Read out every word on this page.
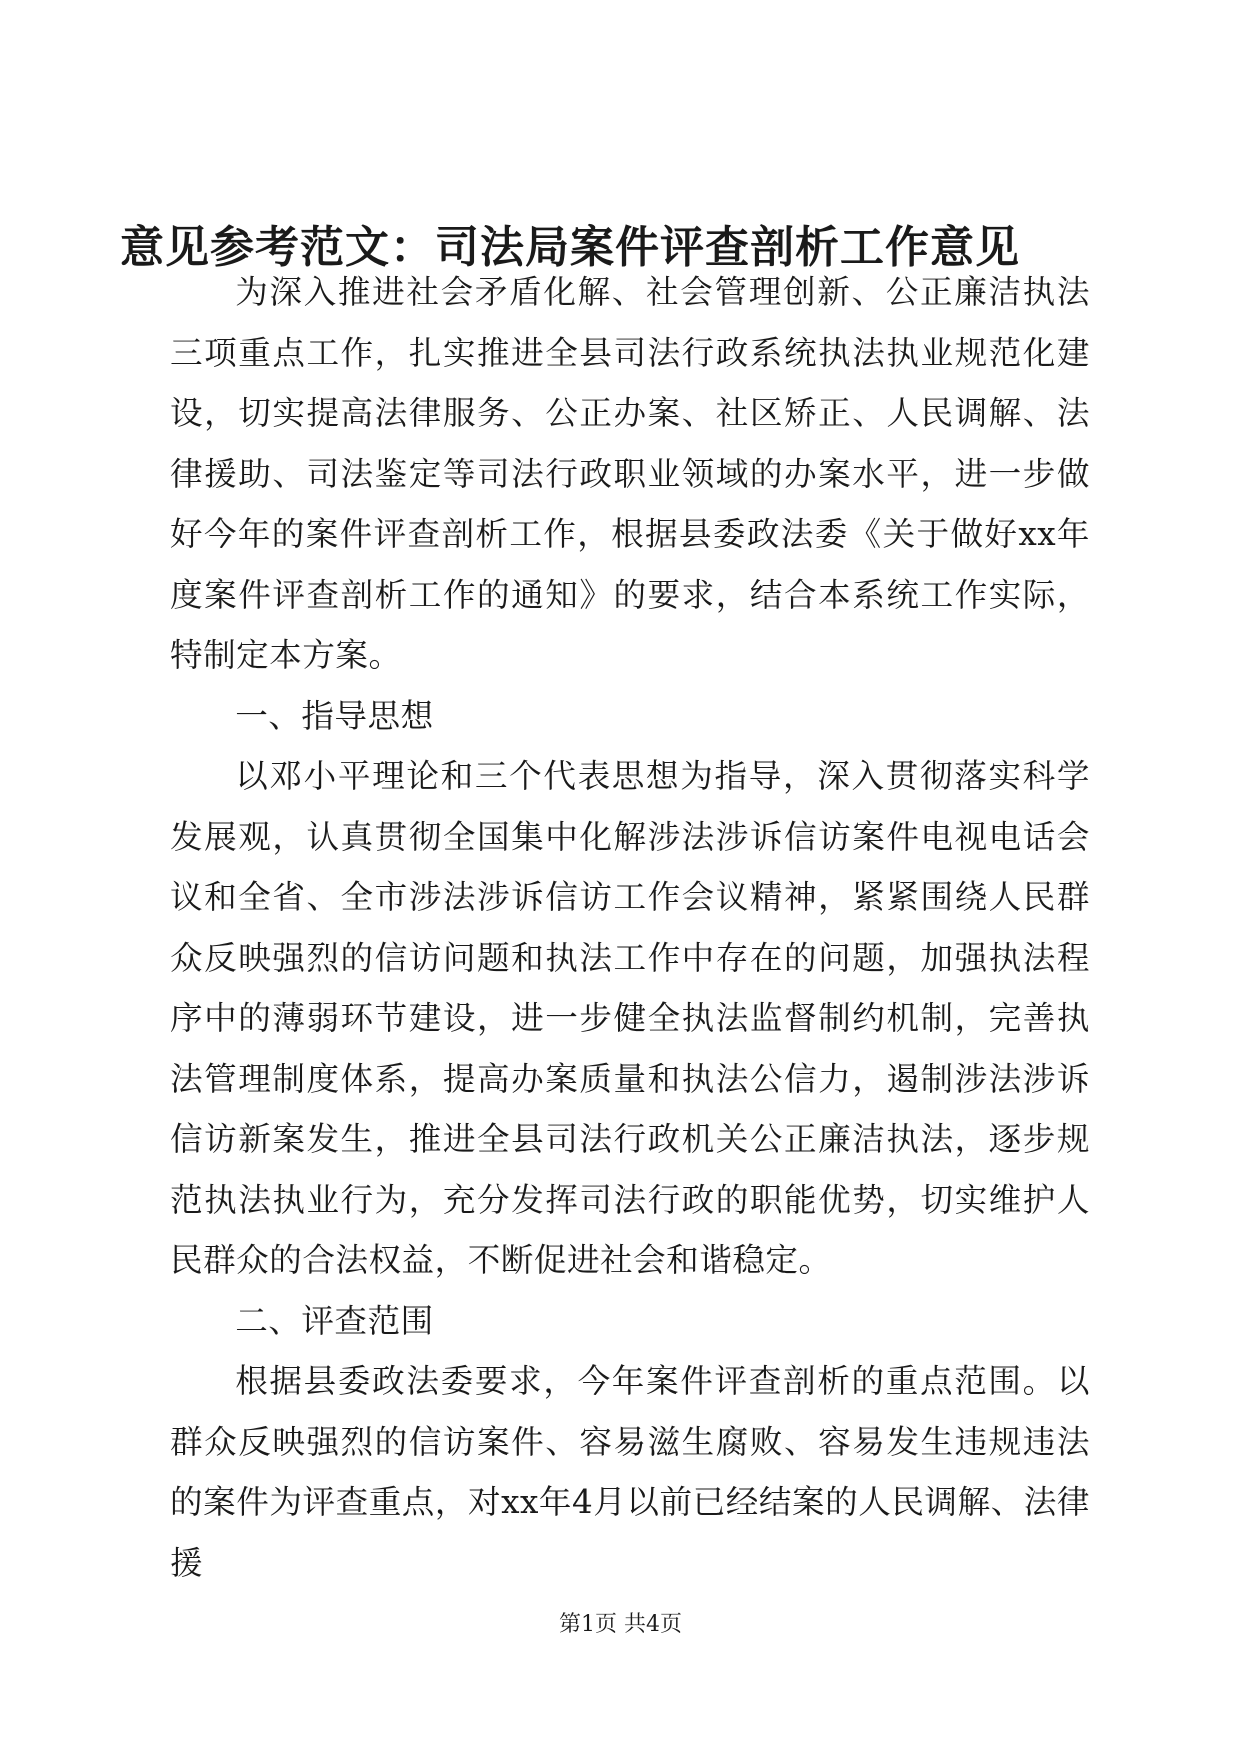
意见参考范文：司法局案件评查剖析工作意见

为深入推进社会矛盾化解、社会管理创新、公正廉洁执法三项重点工作，扎实推进全县司法行政系统执法执业规范化建设，切实提高法律服务、公正办案、社区矫正、人民调解、法律援助、司法鉴定等司法行政职业领域的办案水平，进一步做好今年的案件评查剖析工作，根据县委政法委《关于做好xx年度案件评查剖析工作的通知》的要求，结合本系统工作实际，特制定本方案。

一、指导思想

以邓小平理论和三个代表思想为指导，深入贯彻落实科学发展观，认真贯彻全国集中化解涉法涉诉信访案件电视电话会议和全省、全市涉法涉诉信访工作会议精神，紧紧围绕人民群众反映强烈的信访问题和执法工作中存在的问题，加强执法程序中的薄弱环节建设，进一步健全执法监督制约机制，完善执法管理制度体系，提高办案质量和执法公信力，遏制涉法涉诉信访新案发生，推进全县司法行政机关公正廉洁执法，逐步规范执法执业行为，充分发挥司法行政的职能优势，切实维护人民群众的合法权益，不断促进社会和谐稳定。

二、评查范围

根据县委政法委要求，今年案件评查剖析的重点范围。以群众反映强烈的信访案件、容易滋生腐败、容易发生违规违法的案件为评查重点，对xx年4月以前已经结案的人民调解、法律援

第1页 共4页
